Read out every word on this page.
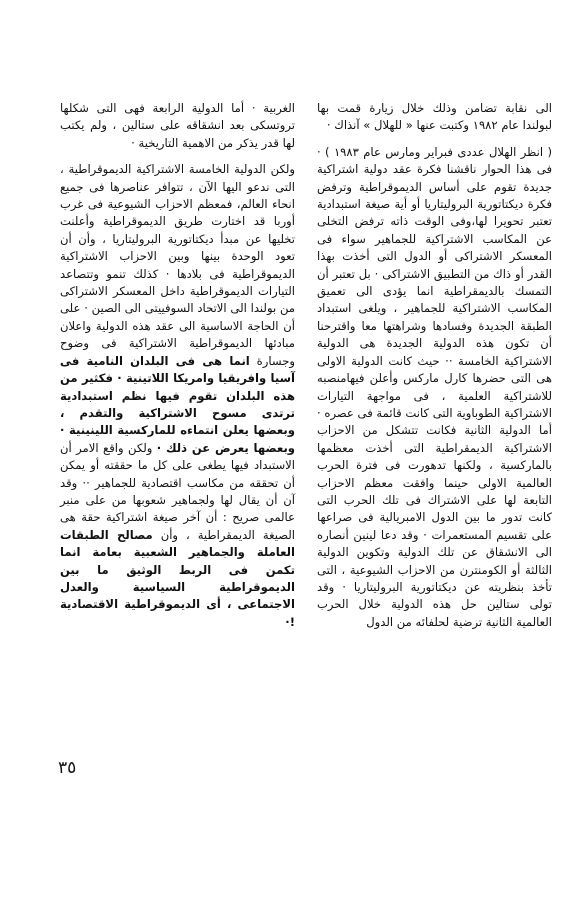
الى نقابة تضامن وذلك خلال زيارة قمت بها لبولندا عام ١٩٨٢ وكتبت عنها « للهلال » آنذاك ·

( انظر الهلال عددى فبراير ومارس عام ١٩٨٣ ) · فى هذا الحوار ناقشنا فكرة عقد دولية اشتراكية جديدة تقوم على أساس الديموقراطية وترفض فكرة ديكتاتورية البروليتاريا أو أية صيغة استبدادية تعتبر تحويرا لها،وفى الوقت ذاته ترفض التخلى عن المكاسب الاشتراكية للجماهير سواء فى المعسكر الاشتراكى أو الدول التى أخذت بهذا القدر أو ذاك من التطبيق الاشتراكى · بل تعتبر أن التمسك بالديمقراطية انما يؤدى الى تعميق المكاسب الاشتراكية للجماهير ، ويلغى استبداد الطبقة الجديدة وفسادها وشراهتها معا واقترحنا أن تكون هذه الدولية الجديدة هى الدولية الاشتراكية الخامسة ·· حيث كانت الدولية الاولى هى التى حضرها كارل ماركس وأعلن فيهامنصبه للاشتراكية العلمية ، فى مواجهة التيارات الاشتراكية الطوباوية التى كانت قائمة فى عصره · أما الدولية الثانية فكانت تتشكل من الاحزاب الاشتراكية الديمقراطية التى أخذت معظمها بالماركسية ، ولكنها تدهورت فى فترة الحرب العالمية الاولى حينما وافقت معظم الاحزاب التابعة لها على الاشتراك فى تلك الحرب التى كانت تدور ما بين الدول الامبريالية فى صراعها على تقسيم المستعمرات · وقد دعا لينين أنصاره الى الانشقاق عن تلك الدولية وتكوين الدولية الثالثة أو الكومنترن من الاحزاب الشيوعية ، التى تأخذ بنظريته عن ديكتاتورية البروليتاريا · وقد تولى ستالين حل هذه الدولية خلال الحرب العالمية الثانية ترضية لحلفائه من الدول

الغربية · أما الدولية الرابعة فهى التى شكلها تروتسكى بعد انشقاقه على ستالين ، ولم يكتب لها قدر يذكر من الاهمية التاريخية ·

ولكن الدولية الخامسة الاشتراكية الديموقراطية ، التى ندعو اليها الآن ، تتوافر عناصرها فى جميع انحاء العالم، فمعظم الاحزاب الشيوعية فى غرب أوربا قد اختارت طريق الديموقراطية وأعلنت تخليها عن مبدأ ديكتاتورية البروليتاريا ، وأن أن تعود الوحدة بينها وبين الاحزاب الاشتراكية الديموقراطية فى بلادها · كذلك تنمو وتتصاعد التيارات الديموقراطية داخل المعسكر الاشتراكى من بولندا الى الاتحاد السوفييتى الى الصين · على أن الحاجة الاساسية الى عقد هذه الدولية واعلان مبادئها الديموقراطية الاشتراكية فى وضوح وجسارة انما هى فى البلدان النامية فى آسيا وافريقيا وامريكا اللاتينية · فكثير من هذه البلدان تقوم فيها نظم استبدادية ترتدى مسوح الاشتراكية والتقدم ، وبعضها يعلن انتماءه للماركسية اللينينية · وبعضها يعرض عن ذلك · ولكن واقع الامر أن الاستبداد فيها يطغى على كل ما حققته أو يمكن أن تحققه من مكاسب اقتصادية للجماهير ·· وقد آن أن يقال لها ولجماهير شعوبها من على منبر عالمى صريح : أن آخر صيغة اشتراكية حقة هى الصيغة الديمقراطية ، وأن مصالح الطبقات العاملة والجماهير الشعبية بعامة انما تكمن فى الربط الوثيق ما بين الديموقراطية السياسية والعدل الاجتماعى ، أى الديموقراطية الاقتصادية !·

٣٥
